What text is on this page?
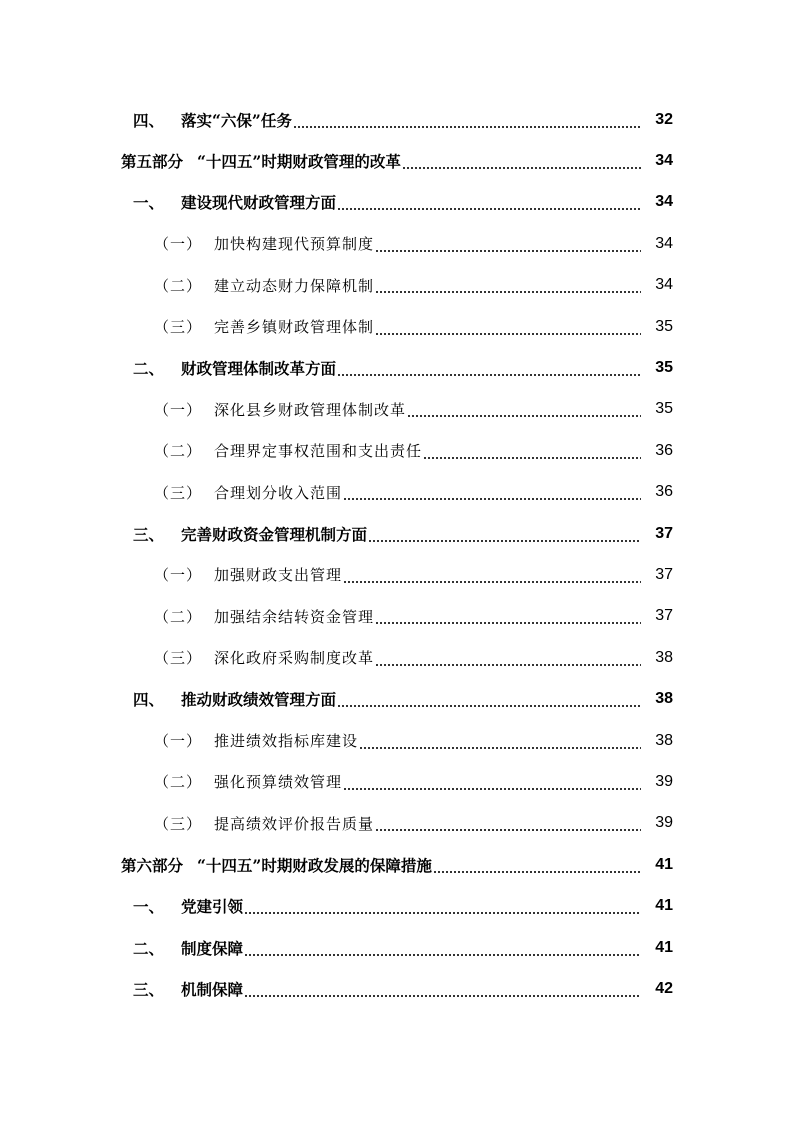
四、	落实“六保”任务	32
第五部分 “十四五”时期财政管理的改革	34
一、	建设现代财政管理方面	34
（一） 加快构建现代预算制度	34
（二） 建立动态财力保障机制	34
（三） 完善乡镇财政管理体制	35
二、	财政管理体制改革方面	35
（一） 深化县乡财政管理体制改革	35
（二） 合理界定事权范围和支出责任	36
（三） 合理划分收入范围	36
三、	完善财政资金管理机制方面	37
（一） 加强财政支出管理	37
（二） 加强结余结转资金管理	37
（三） 深化政府采购制度改革	38
四、	推动财政绩效管理方面	38
（一） 推进绩效指标库建设	38
（二） 强化预算绩效管理	39
（三） 提高绩效评价报告质量	39
第六部分 “十四五”时期财政发展的保障措施	41
一、	党建引领	41
二、	制度保障	41
三、	机制保障	42
